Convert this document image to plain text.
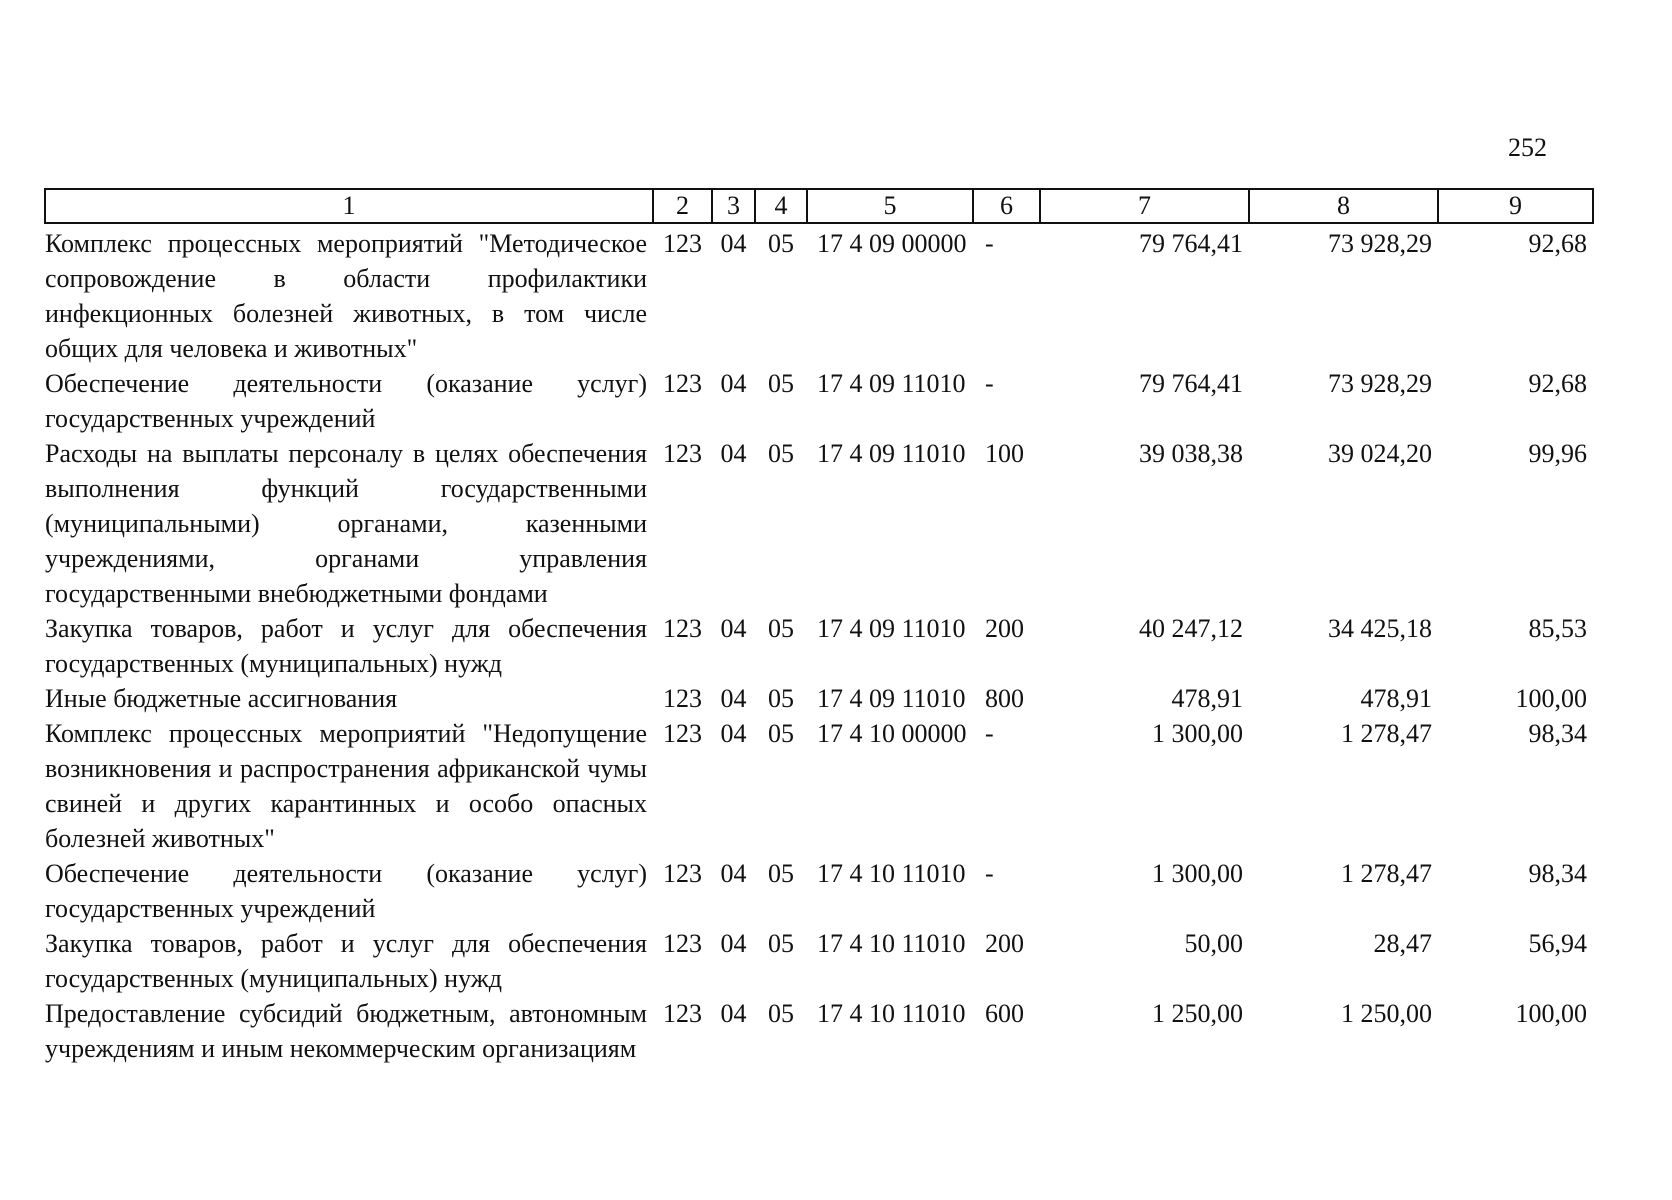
252
1	2	3	4	5	6	7	8	9
Комплекс процессных мероприятий "Методическое сопровождение в области профилактики инфекционных болезней животных, в том числе общих для человека и животных"	123	04	05	17 4 09 00000	-	79 764,41	73 928,29	92,68
Обеспечение деятельности (оказание услуг) государственных учреждений	123	04	05	17 4 09 11010	-	79 764,41	73 928,29	92,68
Расходы на выплаты персоналу в целях обеспечения выполнения функций государственными (муниципальными) органами, казенными учреждениями, органами управления государственными внебюджетными фондами	123	04	05	17 4 09 11010	100	39 038,38	39 024,20	99,96
Закупка товаров, работ и услуг для обеспечения государственных (муниципальных) нужд	123	04	05	17 4 09 11010	200	40 247,12	34 425,18	85,53
Иные бюджетные ассигнования	123	04	05	17 4 09 11010	800	478,91	478,91	100,00
Комплекс процессных мероприятий "Недопущение возникновения и распространения африканской чумы свиней и других карантинных и особо опасных болезней животных"	123	04	05	17 4 10 00000	-	1 300,00	1 278,47	98,34
Обеспечение деятельности (оказание услуг) государственных учреждений	123	04	05	17 4 10 11010	-	1 300,00	1 278,47	98,34
Закупка товаров, работ и услуг для обеспечения государственных (муниципальных) нужд	123	04	05	17 4 10 11010	200	50,00	28,47	56,94
Предоставление субсидий бюджетным, автономным учреждениям и иным некоммерческим организациям	123	04	05	17 4 10 11010	600	1 250,00	1 250,00	100,00
